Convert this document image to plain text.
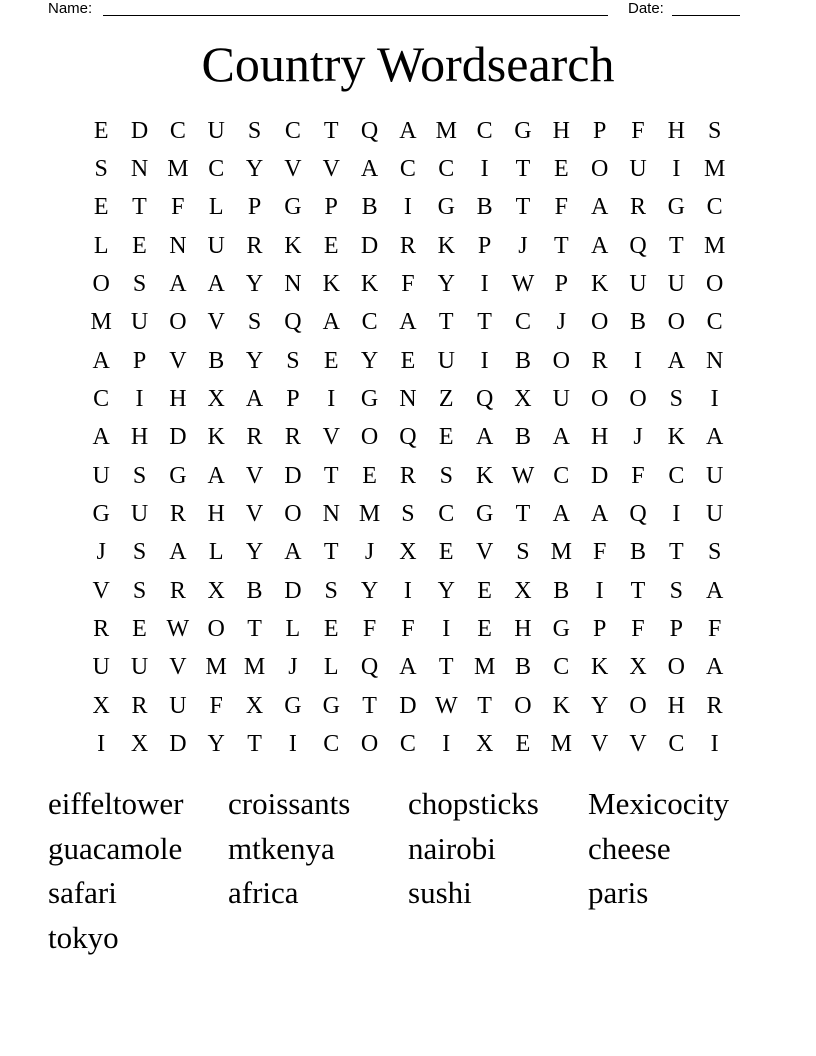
Name:	Date:
Country Wordsearch
E D C U S C T Q A M C G H P	F H S
S N M C Y V V A C C	I	T E O U	I M
E T	F	L	P G P B	I	G B T	F A R G C
L E N U R K E D R K P	J	T A Q T M
O S A A Y N K K F Y	I W P K U U O
M U O V S Q A C A T T C	J	O B O C
A P V B Y S	E Y E U	I	B O R	I	A N
C	I	H X A P	I	G N Z Q X U O O S	I
A H D K R R V O Q E A B A H	J	K A
U S G A V D T E R S K W C D F C U
G U R H V O N M S C G T A A Q	I	U
J	S A L Y A T	J	X E V S M F B T	S
V S R X B D S Y	I	Y E X B	I	T	S A
R E W O T L E	F	F	I	E H G P	F	P	F
U U V M M J	L Q A T M B C K X O A
X R U F X G G T D W T O K Y O H R
I	X D Y T	I	C O C	I	X E M V V C	I
eiffeltower	croissants	chopsticks	Mexicocity
guacamole	mtkenya	nairobi	cheese
safari	africa	sushi	paris
tokyo
